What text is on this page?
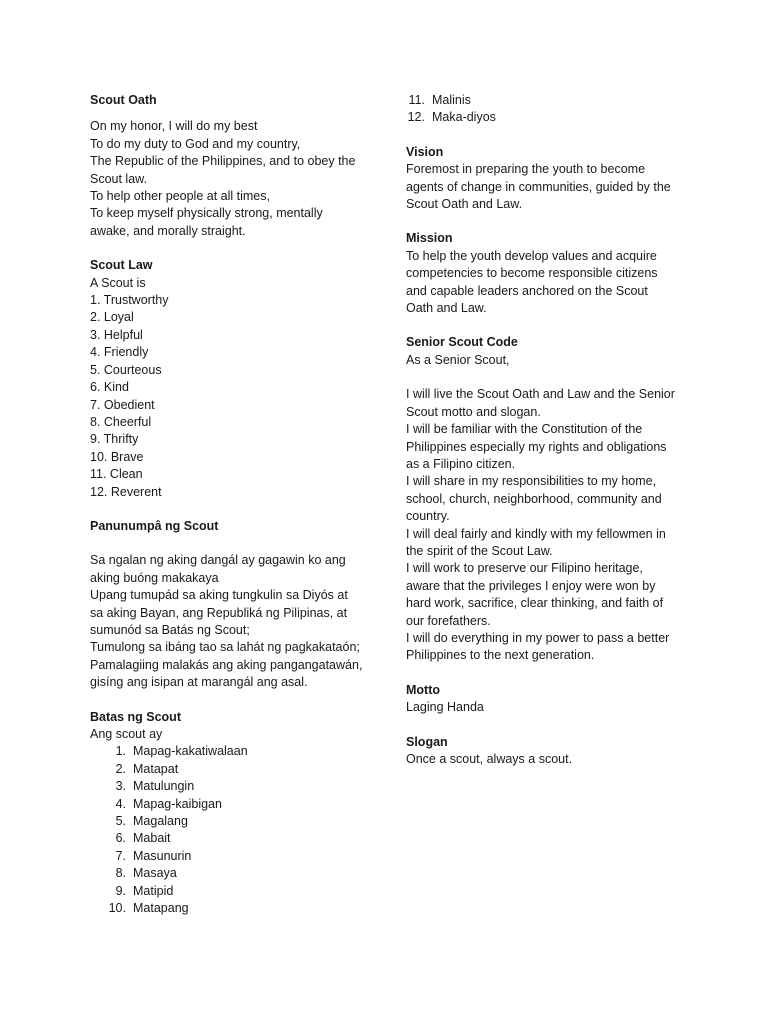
Scout Oath

On my honor, I will do my best

To do my duty to God and my country,

The Republic of the Philippines, and to obey the

Scout law.

To help other people at all times,

To keep myself physically strong, mentally

awake, and morally straight.

Scout Law

A Scout is

1. Trustworthy

2. Loyal

3. Helpful

4. Friendly

5. Courteous

6. Kind

7. Obedient

8. Cheerful

9. Thrifty

10. Brave

11. Clean

12. Reverent

Panunumpâ ng Scout

Sa ngalan ng aking dangál ay gagawin ko ang

aking buóng makakaya

Upang tumupád sa aking tungkulin sa Diyós at

sa aking Bayan, ang Republiká ng Pilipinas, at

sumunód sa Batás ng Scout;

Tumulong sa ibáng tao sa lahát ng pagkakataón;

Pamalagiing malakás ang aking pangangatawán,

gisíng ang isipan at marangál ang asal.

Batas ng Scout

Ang scout ay

1. Mapag-kakatiwalaan
2. Matapat
3. Matulungin
4. Mapag-kaibigan
5. Magalang
6. Mabait
7. Masunurin
8. Masaya
9. Matipid
10. Matapang
11. Malinis
12. Maka-diyos

Vision

Foremost in preparing the youth to become

agents of change in communities, guided by the

Scout Oath and Law.

Mission

To help the youth develop values and acquire

competencies to become responsible citizens

and capable leaders anchored on the Scout

Oath and Law.

Senior Scout Code

As a Senior Scout,

I will live the Scout Oath and Law and the Senior

Scout motto and slogan.

I will be familiar with the Constitution of the

Philippines especially my rights and obligations

as a Filipino citizen.

I will share in my responsibilities to my home,

school, church, neighborhood, community and

country.

I will deal fairly and kindly with my fellowmen in

the spirit of the Scout Law.

I will work to preserve our Filipino heritage,

aware that the privileges I enjoy were won by

hard work, sacrifice, clear thinking, and faith of

our forefathers.

I will do everything in my power to pass a better

Philippines to the next generation.

Motto

Laging Handa

Slogan

Once a scout, always a scout.
